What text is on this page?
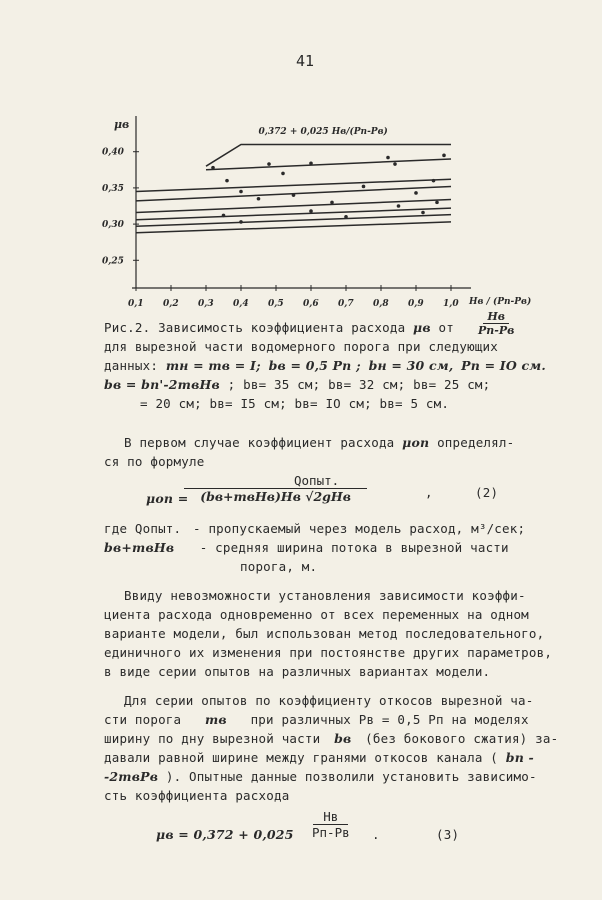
41
μв
Hв / (Pп-Pв)
0,25
0,30
0,35
0,40
0,1 0,2 0,3 0,4 0,5 0,6 0,7 0,8 0,9 1,0
0,372 + 0,025 Hв/(Pп-Pв)
Рис.2. Зависимость коэффициента расхода μв от
Hв
Pп-Pв
для вырезной части водомерного порога при следующих
данных: mн = mв = I; bв = 0,5 Pп ; bн = 30 см, Pп = IO см.
bв = bп'-2mвHв ; bв= 35 см; bв= 32 см; bв= 25 см;
= 20 см; bв= I5 см; bв= IO см; bв= 5 см.
В первом случае коэффициент расхода μоп определял-
ся по формуле
μоп =
Qопыт.
(bв+mвHв)Hв √2gHв	,	(2)
где Qопыт. - пропускаемый через модель расход, м³/сек;
bв+mвHв - средняя ширина потока в вырезной части
порога, м.
Ввиду невозможности установления зависимости коэффи-
циента расхода одновременно от всех переменных на одном
варианте модели, был использован метод последовательного,
единичного их изменения при постоянстве других параметров,
в виде серии опытов на различных вариантах модели.
Для серии опытов по коэффициенту откосов вырезной ча-
сти порога mв при различных Pв = 0,5 Pп на моделях
ширину по дну вырезной части bв (без бокового сжатия) за-
давали равной ширине между гранями откосов канала ( bп -
-2mвPв ). Опытные данные позволили установить зависимо-
сть коэффициента расхода
μв = 0,372 + 0,025
Hв
Pп-Pв .	(3)
